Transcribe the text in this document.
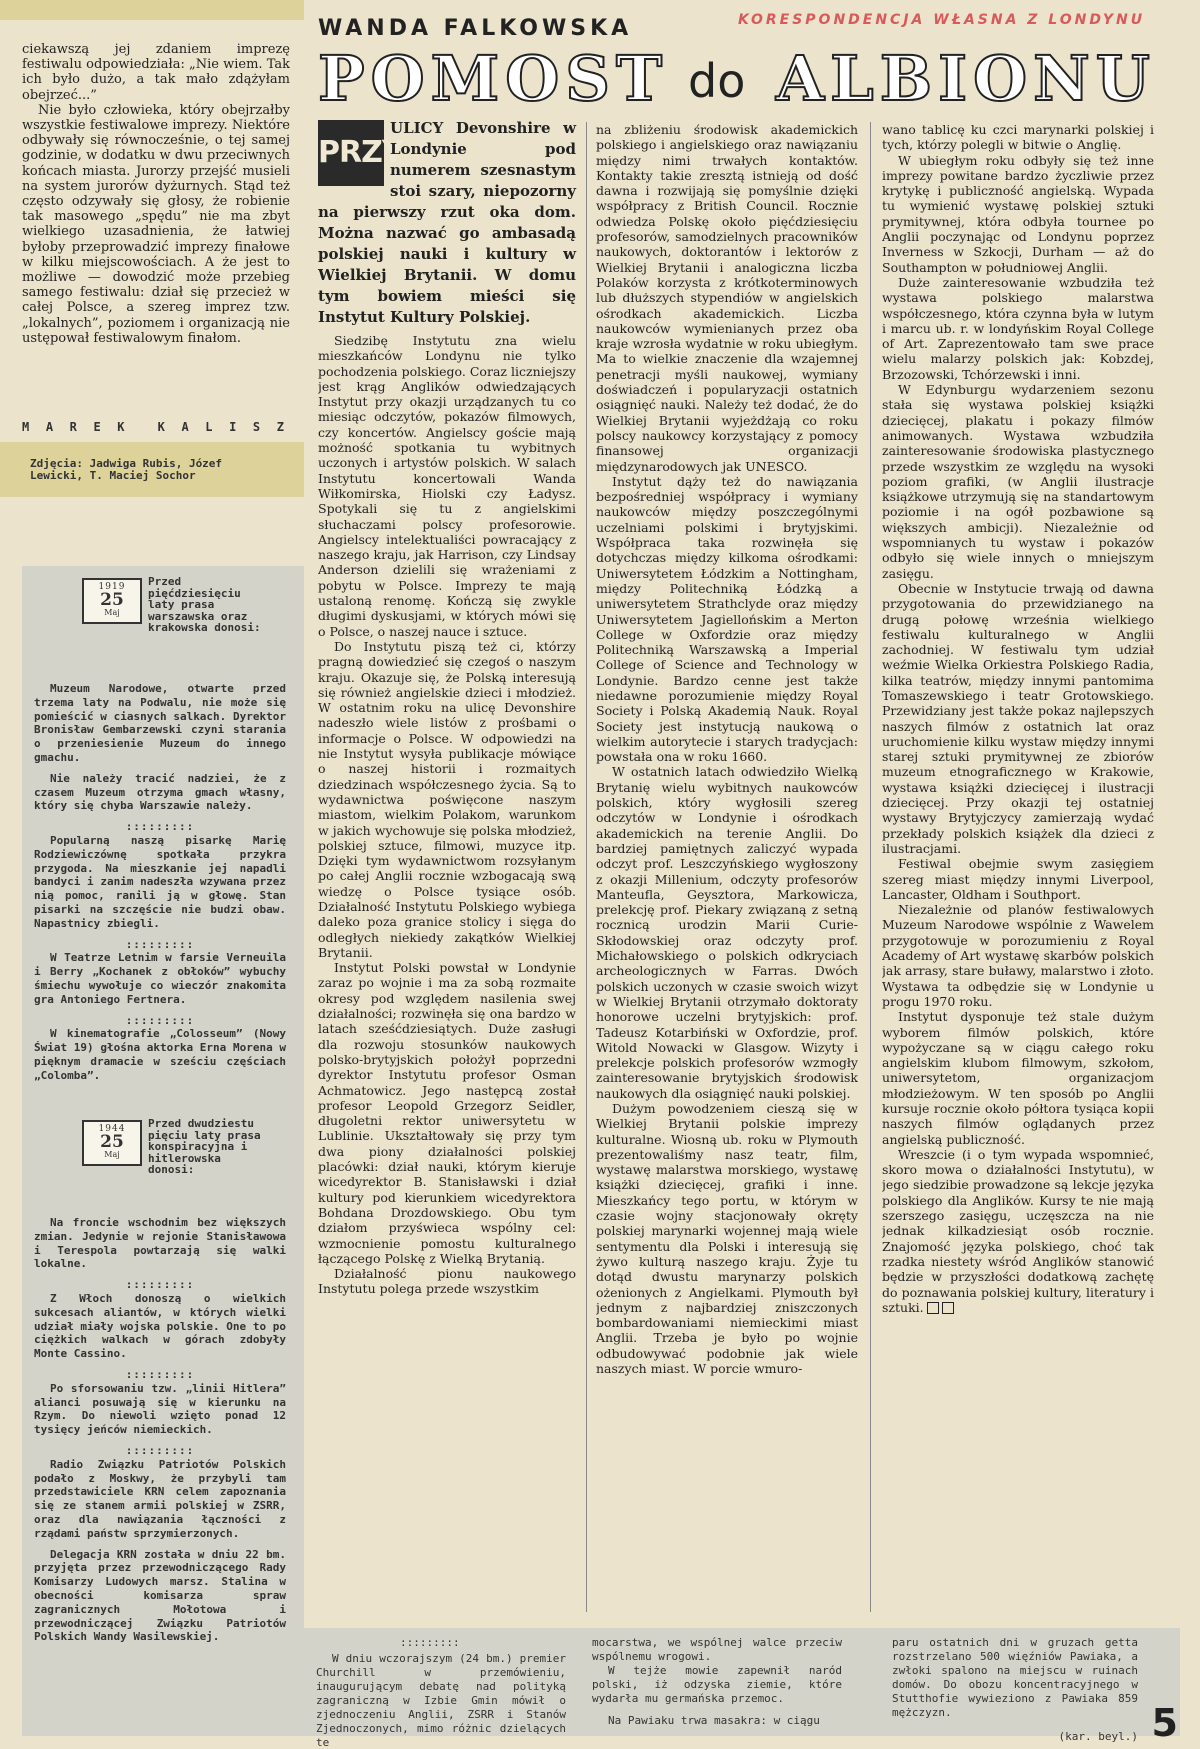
ciekawszą jej zdaniem imprezę festiwalu odpowiedziała: „Nie wiem. Tak ich było dużo, a tak mało zdążyłam obejrzeć...”

Nie było człowieka, który obejrzałby wszystkie festiwalowe imprezy. Niektóre odbywały się równocześnie, o tej samej godzinie, w dodatku w dwu przeciwnych końcach miasta. Jurorzy przejść musieli na system jurorów dyżurnych. Stąd też często odzywały się głosy, że robienie tak masowego „spędu” nie ma zbyt wielkiego uzasadnienia, że łatwiej byłoby przeprowadzić imprezy finałowe w kilku miejscowościach. A że jest to możliwe — dowodzić może przebieg samego festiwalu: dział się przecież w całej Polsce, a szereg imprez tzw. „lokalnych”, poziomem i organizacją nie ustępował festiwalowym finałom.

M A R E K K A L I S Z
Zdjęcia: Jadwiga Rubis, Józef Lewicki, T. Maciej Sochor
1919
25
Maj
Przed pięćdziesięciu laty prasa warszawska oraz krakowska donosi:

Muzeum Narodowe, otwarte przed trzema laty na Podwalu, nie może się pomieścić w ciasnych salkach. Dyrektor Bronisław Gembarzewski czyni starania o przeniesienie Muzeum do innego gmachu.

Nie należy tracić nadziei, że z czasem Muzeum otrzyma gmach własny, który się chyba Warszawie należy.

:::::::::

Popularną naszą pisarkę Marię Rodziewiczównę spotkała przykra przygoda. Na mieszkanie jej napadli bandyci i zanim nadeszła wzywana przez nią pomoc, ranili ją w głowę. Stan pisarki na szczęście nie budzi obaw. Napastnicy zbiegli.

:::::::::

W Teatrze Letnim w farsie Verneuila i Berry „Kochanek z obłoków” wybuchy śmiechu wywołuje co wieczór znakomita gra Antoniego Fertnera.

:::::::::

W kinematografie „Colosseum” (Nowy Świat 19) głośna aktorka Erna Morena w pięknym dramacie w sześciu częściach „Colomba”.

1944
25
Maj
Przed dwudziestu pięciu laty prasa konspiracyjna i hitlerowska donosi:

Na froncie wschodnim bez większych zmian. Jedynie w rejonie Stanisławowa i Terespola powtarzają się walki lokalne.

:::::::::

Z Włoch donoszą o wielkich sukcesach aliantów, w których wielki udział miały wojska polskie. One to po ciężkich walkach w górach zdobyły Monte Cassino.

:::::::::

Po sforsowaniu tzw. „linii Hitlera” alianci posuwają się w kierunku na Rzym. Do niewoli wzięto ponad 12 tysięcy jeńców niemieckich.

:::::::::

Radio Związku Patriotów Polskich podało z Moskwy, że przybyli tam przedstawiciele KRN celem zapoznania się ze stanem armii polskiej w ZSRR, oraz dla nawiązania łączności z rządami państw sprzymierzonych.

Delegacja KRN została w dniu 22 bm. przyjęta przez przewodniczącego Rady Komisarzy Ludowych marsz. Stalina w obecności komisarza spraw zagranicznych Mołotowa i przewodniczącej Związku Patriotów Polskich Wandy Wasilewskiej.

WANDA FALKOWSKA	KORESPONDENCJA WŁASNA Z LONDYNU
POMOST do ALBIONU
PRZY
ULICY Devonshire w Londynie pod numerem szesnastym stoi szary, niepozorny na pierwszy rzut oka dom. Można nazwać go ambasadą polskiej nauki i kultury w Wielkiej Brytanii. W domu tym bowiem mieści się Instytut Kultury Polskiej.

Siedzibę Instytutu zna wielu mieszkańców Londynu nie tylko pochodzenia polskiego. Coraz liczniejszy jest krąg Anglików odwiedzających Instytut przy okazji urządzanych tu co miesiąc odczytów, pokazów filmowych, czy koncertów. Angielscy goście mają możność spotkania tu wybitnych uczonych i artystów polskich. W salach Instytutu koncertowali Wanda Wiłkomirska, Hiolski czy Ładysz. Spotykali się tu z angielskimi słuchaczami polscy profesorowie. Angielscy intelektualiści powracający z naszego kraju, jak Harrison, czy Lindsay Anderson dzielili się wrażeniami z pobytu w Polsce. Imprezy te mają ustaloną renomę. Kończą się zwykle długimi dyskusjami, w których mówi się o Polsce, o naszej nauce i sztuce.

Do Instytutu piszą też ci, którzy pragną dowiedzieć się czegoś o naszym kraju. Okazuje się, że Polską interesują się również angielskie dzieci i młodzież. W ostatnim roku na ulicę Devonshire nadeszło wiele listów z prośbami o informacje o Polsce. W odpowiedzi na nie Instytut wysyła publikacje mówiące o naszej historii i rozmaitych dziedzinach współczesnego życia. Są to wydawnictwa poświęcone naszym miastom, wielkim Polakom, warunkom w jakich wychowuje się polska młodzież, polskiej sztuce, filmowi, muzyce itp. Dzięki tym wydawnictwom rozsyłanym po całej Anglii rocznie wzbogacają swą wiedzę o Polsce tysiące osób. Działalność Instytutu Polskiego wybiega daleko poza granice stolicy i sięga do odległych niekiedy zakątków Wielkiej Brytanii.

Instytut Polski powstał w Londynie zaraz po wojnie i ma za sobą rozmaite okresy pod względem nasilenia swej działalności; rozwinęła się ona bardzo w latach sześćdziesiątych. Duże zasługi dla rozwoju stosunków naukowych polsko-brytyjskich położył poprzedni dyrektor Instytutu profesor Osman Achmatowicz. Jego następcą został profesor Leopold Grzegorz Seidler, długoletni rektor uniwersytetu w Lublinie. Ukształtowały się przy tym dwa piony działalności polskiej placówki: dział nauki, którym kieruje wicedyrektor B. Stanisławski i dział kultury pod kierunkiem wicedyrektora Bohdana Drozdowskiego. Obu tym działom przyświeca wspólny cel: wzmocnienie pomostu kulturalnego łączącego Polskę z Wielką Brytanią.

Działalność pionu naukowego Instytutu polega przede wszystkim

na zbliżeniu środowisk akademickich polskiego i angielskiego oraz nawiązaniu między nimi trwałych kontaktów. Kontakty takie zresztą istnieją od dość dawna i rozwijają się pomyślnie dzięki współpracy z British Council. Rocznie odwiedza Polskę około pięćdziesięciu profesorów, samodzielnych pracowników naukowych, doktorantów i lektorów z Wielkiej Brytanii i analogiczna liczba Polaków korzysta z krótkoterminowych lub dłuższych stypendiów w angielskich ośrodkach akademickich. Liczba naukowców wymienianych przez oba kraje wzrosła wydatnie w roku ubiegłym. Ma to wielkie znaczenie dla wzajemnej penetracji myśli naukowej, wymiany doświadczeń i popularyzacji ostatnich osiągnięć nauki. Należy też dodać, że do Wielkiej Brytanii wyjeżdżają co roku polscy naukowcy korzystający z pomocy finansowej organizacji międzynarodowych jak UNESCO.

Instytut dąży też do nawiązania bezpośredniej współpracy i wymiany naukowców między poszczególnymi uczelniami polskimi i brytyjskimi. Współpraca taka rozwinęła się dotychczas między kilkoma ośrodkami: Uniwersytetem Łódzkim a Nottingham, między Politechniką Łódzką a uniwersytetem Strathclyde oraz między Uniwersytetem Jagiellońskim a Merton College w Oxfordzie oraz między Politechniką Warszawską a Imperial College of Science and Technology w Londynie. Bardzo cenne jest także niedawne porozumienie między Royal Society i Polską Akademią Nauk. Royal Society jest instytucją naukową o wielkim autorytecie i starych tradycjach: powstała ona w roku 1660.

W ostatnich latach odwiedziło Wielką Brytanię wielu wybitnych naukowców polskich, który wygłosili szereg odczytów w Londynie i ośrodkach akademickich na terenie Anglii. Do bardziej pamiętnych zaliczyć wypada odczyt prof. Leszczyńskiego wygłoszony z okazji Millenium, odczyty profesorów Manteufla, Geysztora, Markowicza, prelekcję prof. Piekary związaną z setną rocznicą urodzin Marii Curie-Skłodowskiej oraz odczyty prof. Michałowskiego o polskich odkryciach archeologicznych w Farras. Dwóch polskich uczonych w czasie swoich wizyt w Wielkiej Brytanii otrzymało doktoraty honorowe uczelni brytyjskich: prof. Tadeusz Kotarbiński w Oxfordzie, prof. Witold Nowacki w Glasgow. Wizyty i prelekcje polskich profesorów wzmogły zainteresowanie brytyjskich środowisk naukowych dla osiągnięć nauki polskiej.

Dużym powodzeniem cieszą się w Wielkiej Brytanii polskie imprezy kulturalne. Wiosną ub. roku w Plymouth prezentowaliśmy nasz teatr, film, wystawę malarstwa morskiego, wystawę książki dziecięcej, grafiki i inne. Mieszkańcy tego portu, w którym w czasie wojny stacjonowały okręty polskiej marynarki wojennej mają wiele sentymentu dla Polski i interesują się żywo kulturą naszego kraju. Żyje tu dotąd dwustu marynarzy polskich ożenionych z Angielkami. Plymouth był jednym z najbardziej zniszczonych bombardowaniami niemieckimi miast Anglii. Trzeba je było po wojnie odbudowywać podobnie jak wiele naszych miast. W porcie wmuro-

wano tablicę ku czci marynarki polskiej i tych, którzy polegli w bitwie o Anglię.

W ubiegłym roku odbyły się też inne imprezy powitane bardzo życzliwie przez krytykę i publiczność angielską. Wypada tu wymienić wystawę polskiej sztuki prymitywnej, która odbyła tournee po Anglii poczynając od Londynu poprzez Inverness w Szkocji, Durham — aż do Southampton w południowej Anglii.

Duże zainteresowanie wzbudziła też wystawa polskiego malarstwa współczesnego, która czynna była w lutym i marcu ub. r. w londyńskim Royal College of Art. Zaprezentowało tam swe prace wielu malarzy polskich jak: Kobzdej, Brzozowski, Tchórzewski i inni.

W Edynburgu wydarzeniem sezonu stała się wystawa polskiej książki dziecięcej, plakatu i pokazy filmów animowanych. Wystawa wzbudziła zainteresowanie środowiska plastycznego przede wszystkim ze względu na wysoki poziom grafiki, (w Anglii ilustracje książkowe utrzymują się na standartowym poziomie i na ogół pozbawione są większych ambicji). Niezależnie od wspomnianych tu wystaw i pokazów odbyło się wiele innych o mniejszym zasięgu.

Obecnie w Instytucie trwają od dawna przygotowania do przewidzianego na drugą połowę września wielkiego festiwalu kulturalnego w Anglii zachodniej. W festiwalu tym udział weźmie Wielka Orkiestra Polskiego Radia, kilka teatrów, między innymi pantomima Tomaszewskiego i teatr Grotowskiego. Przewidziany jest także pokaz najlepszych naszych filmów z ostatnich lat oraz uruchomienie kilku wystaw między innymi starej sztuki prymitywnej ze zbiorów muzeum etnograficznego w Krakowie, wystawa książki dziecięcej i ilustracji dziecięcej. Przy okazji tej ostatniej wystawy Brytyjczycy zamierzają wydać przekłady polskich książek dla dzieci z ilustracjami.

Festiwal obejmie swym zasięgiem szereg miast między innymi Liverpool, Lancaster, Oldham i Southport.

Niezależnie od planów festiwalowych Muzeum Narodowe wspólnie z Wawelem przygotowuje w porozumieniu z Royal Academy of Art wystawę skarbów polskich jak arrasy, stare buławy, malarstwo i złoto. Wystawa ta odbędzie się w Londynie u progu 1970 roku.

Instytut dysponuje też stale dużym wyborem filmów polskich, które wypożyczane są w ciągu całego roku angielskim klubom filmowym, szkołom, uniwersytetom, organizacjom młodzieżowym. W ten sposób po Anglii kursuje rocznie około półtora tysiąca kopii naszych filmów oglądanych przez angielską publiczność.

Wreszcie (i o tym wypada wspomnieć, skoro mowa o działalności Instytutu), w jego siedzibie prowadzone są lekcje języka polskiego dla Anglików. Kursy te nie mają szerszego zasięgu, uczęszcza na nie jednak kilkadziesiąt osób rocznie. Znajomość języka polskiego, choć tak rzadka niestety wśród Anglików stanowić będzie w przyszłości dodatkową zachętę do poznawania polskiej kultury, literatury i sztuki.

:::::::::

W dniu wczorajszym (24 bm.) premier Churchill w przemówieniu, inaugurującym debatę nad polityką zagraniczną w Izbie Gmin mówił o zjednoczeniu Anglii, ZSRR i Stanów Zjednoczonych, mimo różnic dzielących te

mocarstwa, we wspólnej walce przeciw wspólnemu wrogowi.

W tejże mowie zapewnił naród polski, iż odzyska ziemie, które wydarła mu germańska przemoc.

Na Pawiaku trwa masakra: w ciągu

paru ostatnich dni w gruzach getta rozstrzelano 500 więźniów Pawiaka, a zwłoki spalono na miejscu w ruinach domów. Do obozu koncentracyjnego w Stutthofie wywieziono z Pawiaka 859 mężczyzn.

(kar. beyl.) 5
